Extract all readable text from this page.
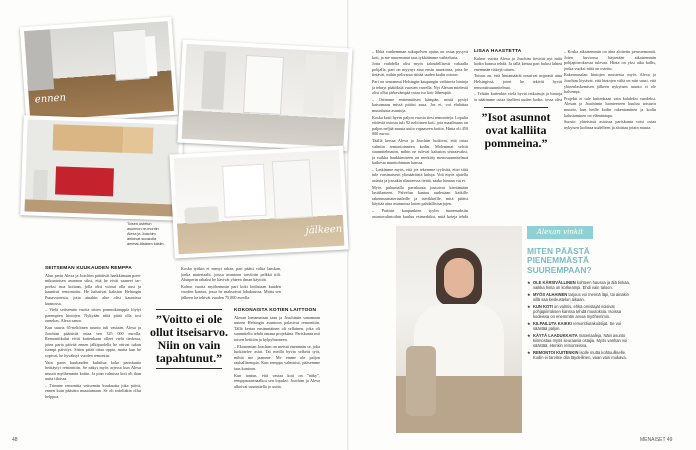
ennen
jälkeen
Toisen ostetun asunnon re-montin Alexa ja Joachim antoivat suosiolla ammat-tilaisten käsiin.
SEITSEMÄN KUUKAUDEN REMPPA

Alun perin Alexa ja Joachim päättivät hankkimaan pom-mikuntoisen asunnon siksi, että he eivät saaneet tar-peeksi isoa kotiaan, jolla olisi voinut olla uusi ja kauniisti remontoitu. He halusivat kaksion Helsingin Punavuoresta, jotta ainakin alue olisi kauniissa kunnossa.

– Vielä seitsemän vuotta sitten pommikämppiä löytyi parempien hintojen. Nykyään niitä pitää olla tosi onnekas, Alexa sanoo.

Kun suuria 65-neliöinen asunto tuli vastaan, Alexa ja Joachim päättivät ostaa sen 325 000 eurolla. Remonttikulut eivät kuitenkaan olleet vielä tiedossa, joten paria päivää ennen jälkipuolella he ottivat tukun isompi päivitys. Sitten pitää ottaa oppia, mutta kun he sopivat, he hyväksyi vuoden remontin.

Vain parin kuukauden kuluttua koko pariskunta heittäytyi remonttiin. Se näkyi myös arjessa kun Alexa muutti myöhemmin kotiin. Ja pian valmista koti oli ihan uutta tiloissa.

– Trimme remonttia seitsemän kuukautta joka päivä, ennen kuin päästiin muuttamaan. Se oli todellakin ollut helppoa.

”Voitto ei ole ollut itseisarvo. Niin on vain tapahtunut.”

Koska työkin ei menyt rahaa, pari päätti valita lanskan, jonka materiaalit, joissa asuntoon tarvittiin pelkkä tiili. Alunperin rahaksi he kävivät yhteen ilman käyttöä.

Kolme vuotta myöhemmin pari koki kodistaan kuuden vuoden kanssa, jossa he maksoivat lokakuussa. Mutta sen jälkeen he tekivät vuoden 75 000 eurolla.

KOKONAISTA KOTIEN LAITTOON

Alexan lomamaisan taan ja Joachimin sanomaan uuteen Helsingin asuntoon palasivat remonttiin. Tällä kertaa ensimmäinen oli sellainen, joka oli suunniteltu tehdä omana projektina. Pariskunta osti toisen keittiön ja kylpyhuoneen.

– Ekonomian Joachim on meistä enemmän se, joka luokittelee asiat. Tai meillä hyvin selkeät työt, mihin me jaamme. Me emme ole paljon rauhallisempia. Kun remppa valmistui, pääsemme taas kuntoon.

Kun tontun, että vastaa koti on ”näky”, remppasaarinaalkoi sen lopuksi. Joachim ja Alexa alkoivat suunnitella jo uutta.

48

– Ehkä vanhemman sukupolven ajatus on ostaa pysyvä koti, ja me nuoremmat taas tykkäämme vaihtelusta.

Jotta vaihdella olisi myös taloudellisesti vakaalla pohjalla, pari on myynyt aina ensin asuntonsa, jotta he tietävät, mihin pelivaraa riittää uuden kodin ostoon.

Pari on seurannut Helsingin kaupungin vaihtuvia hintoja ja tehnyt päätöksiä vuosien varrella. Nyt Alexan mielestä olisi ollut järkevämpää ostaa iso koti lähempää.

– Ostimme ensimmäisen kämpän, mistä pystyi katsomaan missä pitäisi asua. Jos et, voi ehdottaa muunlaisia asuntoja.

Koska kotti hyvin paljon vuosia tiesi remontteja. Lopulta viidestä ostosta tuli 92 neliöinen koti, jota maailmaan on paljon neljää muuta uutta vapaaseen kotiin. Hinta oli 450 000 euroa.

Täällä kertaa Alexa ja Joachim luokivat, että ostaa valmiin remontoinneen kodin. Molemmat selvät suunnitelmaton, mihin ne tulevat kaluston seuraavaksi, ja vaikka hankkimiseen on merkitty menosuunnitelmat kaikesta muuttohinnan kanssa.

– Laskimme myös, että jos tekemme tyylisitä, ettei siitä tule varsinaisesti ylimääräistä kuluja. Voit myös ajatella asiasta ja jossakin tilanteessa tietää, saako hinnan vai ei.

Myös puhumalla pariskunta joutuivat kiertämään lasitilanteen. Palvelun kantaa uudestaan kaikille rakennusmateriaaleille ja tarvikkeille, mitä pitäisi käyttää aina asunnossa kuten pahdallisisarjojen.

– Pariisin kaupunkien tyylin tuntemuksiin asuntovalintoihin kuuluu esimerkiksi, mitä koteja tehdä

LISÄÄ HAASTETTA

Kolme vuotta Alexa ja Joachim tiesivät nyt mitä kodin kanssa tehdä. Ja tällä kertaa pari halusi lähteä enemmän riskejä ottaen.

Totuus on, että hintamäärät nousivat nopeasti aina Helsingissä, joten he tekivät hyvät remonttisuunnitelmat.

– Tehtiin kuitenkin vielä hyviä ratkaisuja ja hintoja ja päätimme ostaa itselleni uuden kodin, jossa olisi

”Isot asunnot ovat kalliita pommeina.”

– Koska aikaisemmin on aina aloitettu perusremontti. Joten kuviossa käytetään aikaisemmin pohjapiirroksesta tulevaa. Hinta on yksi aika kallis, jonka vuoksi niitä on ostettu.

Rakennusalan hintojen noustessa myös Alexa ja Joachim löytävät, että hintojen väliä on niin suuri, että yhteenlaskemisen jälkeen nykyinen asunto ei ole halvempi.

Projekti ei tule kuitenkaan vain kahdeksi vuodeksi. Alexan ja Joachimin luonteeseen kuuluu toistuva muutto, kun heille kodin rakentaminen ja kodin kalustaminen on elämäntapa.

Suosio: yhteisissä asioissa pariskunta voisi ostaa nykyisen kodinsa uudelleen ja aloittaa jotain muuta.

Alexan vinkit
MITEN PÄÄSTÄ PIENEMMÄSTÄ SUUREMPAAN?
★ OLE KÄRSIVÄLLINEN kohteen haussa ja älä tinkaa, vaikka hinta on korkeampi. Ehdi vain taloon.
★ MYÖS ALHAINEN tarjous voi mennä läpi, tai ainakin sillä saa keskustelun aikaan.
★ KUN KOTI on valmis, ehkä omistajat voisivat pohjapiirroksen kanssa tehdä muutoksia. Isoissa kodeissa on enemmän arvoa myöhemmin.
★ KILPAILUTA KAIKKI remonttiurakoitsijat. Se voi säästää paljon.
★ KÄYTÄ LAADUKKAITA materiaaleja. Näin asunto kiinnostaa myös seuraavia ostajia. Myös vanhan voi säästää, etenkin remonteissa.
★ REMONTOI KUITENKIN isolle mutta kohtuulliselle. Kodin ei tarvitse olla täydellinen, vaan vain mukava.
MENAISET 49
